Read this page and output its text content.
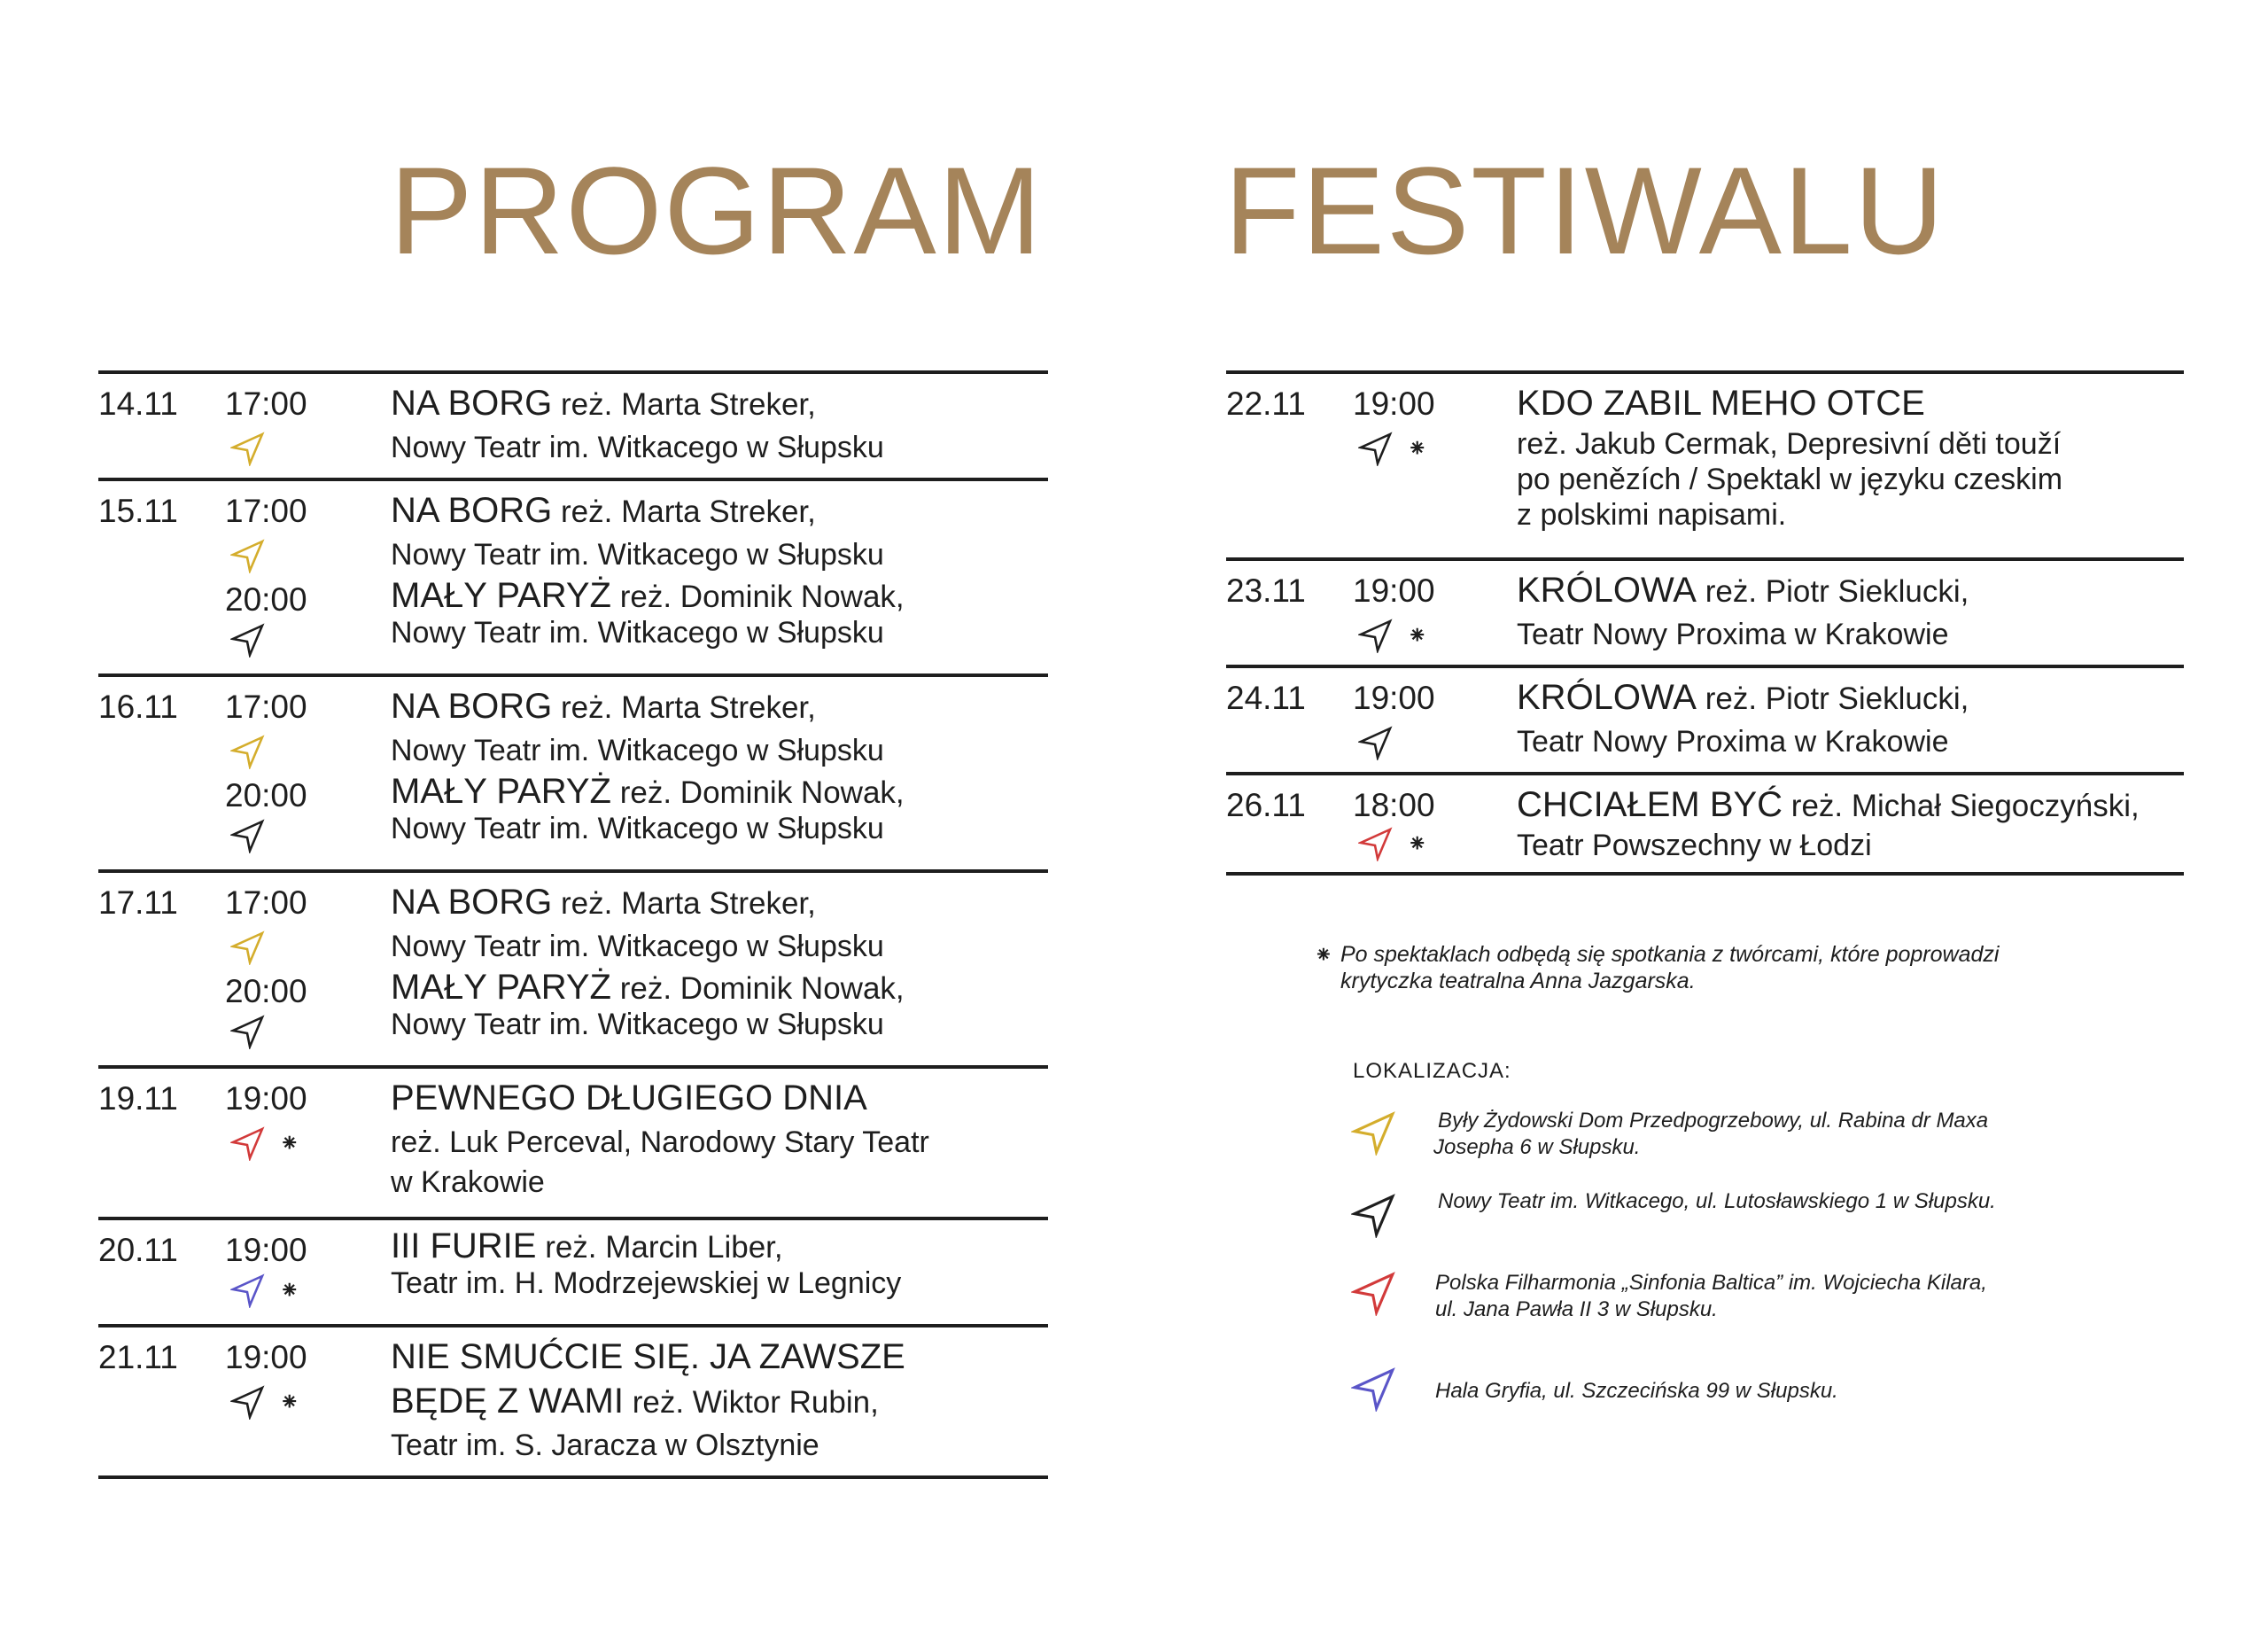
PROGRAM FESTIWALU
14.11 17:00 NA BORG reż. Marta Streker,
Nowy Teatr im. Witkacego w Słupsku
15.11 17:00 NA BORG reż. Marta Streker,
Nowy Teatr im. Witkacego w Słupsku
20:00 MAŁY PARYŻ reż. Dominik Nowak,
Nowy Teatr im. Witkacego w Słupsku
16.11 17:00 NA BORG reż. Marta Streker,
Nowy Teatr im. Witkacego w Słupsku
20:00 MAŁY PARYŻ reż. Dominik Nowak,
Nowy Teatr im. Witkacego w Słupsku
17.11 17:00 NA BORG reż. Marta Streker,
Nowy Teatr im. Witkacego w Słupsku
20:00 MAŁY PARYŻ reż. Dominik Nowak,
Nowy Teatr im. Witkacego w Słupsku
19.11 19:00
⁕
PEWNEGO DŁUGIEGO DNIA
reż. Luk Perceval, Narodowy Stary Teatr
w Krakowie
20.11 19:00
⁕
III FURIE reż. Marcin Liber,
Teatr im. H. Modrzejewskiej w Legnicy
21.11 19:00
⁕
NIE SMUĆCIE SIĘ. JA ZAWSZE
BĘDĘ Z WAMI reż. Wiktor Rubin,
Teatr im. S. Jaracza w Olsztynie
22.11 19:00
⁕
KDO ZABIL MEHO OTCE
reż. Jakub Cermak, Depresivní děti touží
po penězích / Spektakl w języku czeskim
z polskimi napisami.
23.11 19:00
⁕
KRÓLOWA reż. Piotr Sieklucki,
Teatr Nowy Proxima w Krakowie
24.11 19:00 KRÓLOWA reż. Piotr Sieklucki,
Teatr Nowy Proxima w Krakowie
26.11 18:00
⁕
CHCIAŁEM BYĆ reż. Michał Siegoczyński,
Teatr Powszechny w Łodzi
⁕ Po spektaklach odbędą się spotkania z twórcami, które poprowadzi

krytyczka teatralna Anna Jazgarska.

LOKALIZACJA:

Były Żydowski Dom Przedpogrzebowy, ul. Rabina dr Maxa

Josepha 6 w Słupsku.

Nowy Teatr im. Witkacego, ul. Lutosławskiego 1 w Słupsku.

Polska Filharmonia „Sinfonia Baltica” im. Wojciecha Kilara,

ul. Jana Pawła II 3 w Słupsku.

Hala Gryfia, ul. Szczecińska 99 w Słupsku.
